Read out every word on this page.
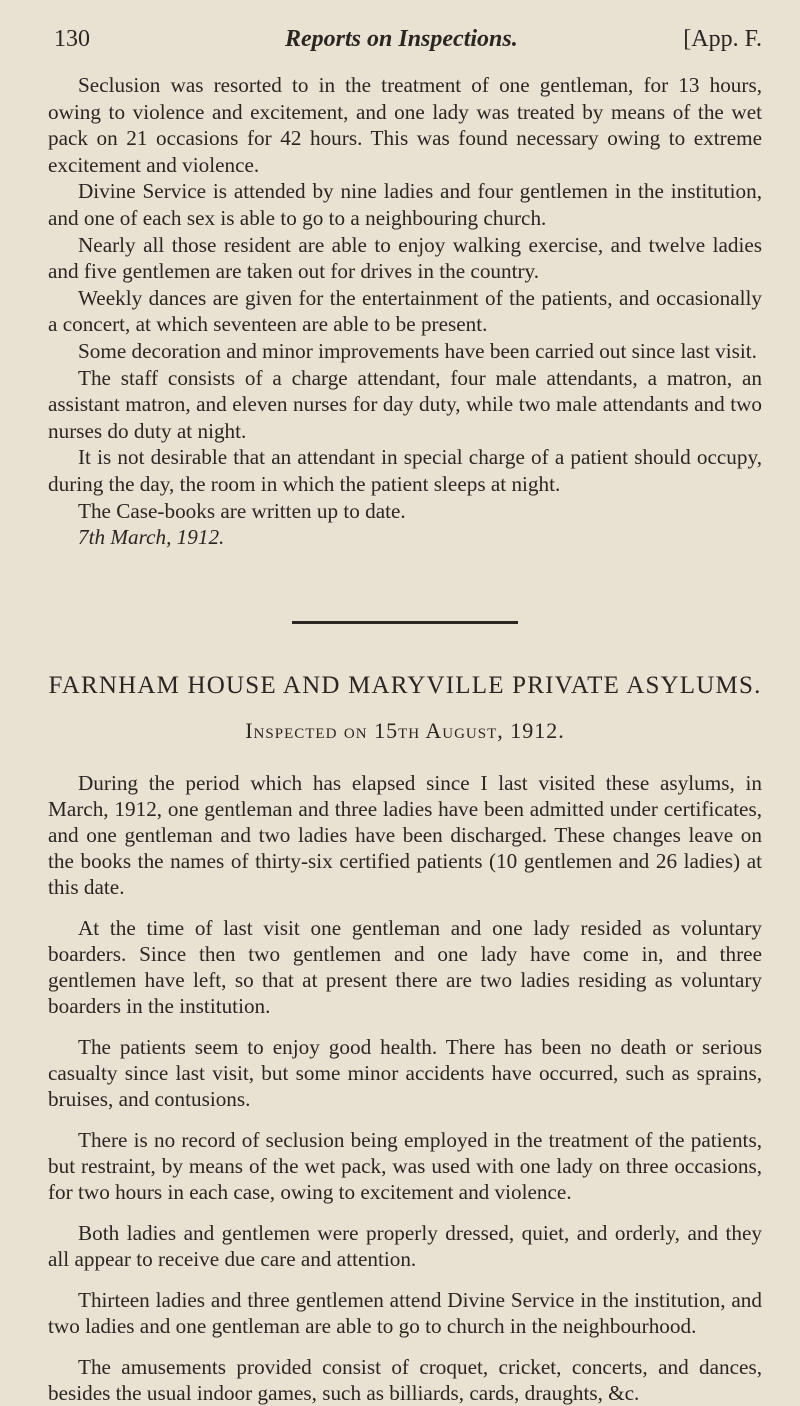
130	Reports on Inspections.	[App. F.

Seclusion was resorted to in the treatment of one gentleman, for 13 hours, owing to violence and excitement, and one lady was treated by means of the wet pack on 21 occasions for 42 hours. This was found necessary owing to extreme excitement and violence.

Divine Service is attended by nine ladies and four gentlemen in the institution, and one of each sex is able to go to a neighbouring church.

Nearly all those resident are able to enjoy walking exercise, and twelve ladies and five gentlemen are taken out for drives in the country.

Weekly dances are given for the entertainment of the patients, and occasionally a concert, at which seventeen are able to be present.

Some decoration and minor improvements have been carried out since last visit.

The staff consists of a charge attendant, four male attendants, a matron, an assistant matron, and eleven nurses for day duty, while two male attendants and two nurses do duty at night.

It is not desirable that an attendant in special charge of a patient should occupy, during the day, the room in which the patient sleeps at night.

The Case-books are written up to date.

7th March, 1912.

FARNHAM HOUSE AND MARYVILLE PRIVATE ASYLUMS.
Inspected on 15th August, 1912.

During the period which has elapsed since I last visited these asylums, in March, 1912, one gentleman and three ladies have been admitted under certificates, and one gentleman and two ladies have been discharged. These changes leave on the books the names of thirty-six certified patients (10 gentlemen and 26 ladies) at this date.

At the time of last visit one gentleman and one lady resided as voluntary boarders. Since then two gentlemen and one lady have come in, and three gentlemen have left, so that at present there are two ladies residing as voluntary boarders in the institution.

The patients seem to enjoy good health. There has been no death or serious casualty since last visit, but some minor accidents have occurred, such as sprains, bruises, and contusions.

There is no record of seclusion being employed in the treatment of the patients, but restraint, by means of the wet pack, was used with one lady on three occasions, for two hours in each case, owing to excitement and violence.

Both ladies and gentlemen were properly dressed, quiet, and orderly, and they all appear to receive due care and attention.

Thirteen ladies and three gentlemen attend Divine Service in the institution, and two ladies and one gentleman are able to go to church in the neighbourhood.

The amusements provided consist of croquet, cricket, concerts, and dances, besides the usual indoor games, such as billiards, cards, draughts, &c.
